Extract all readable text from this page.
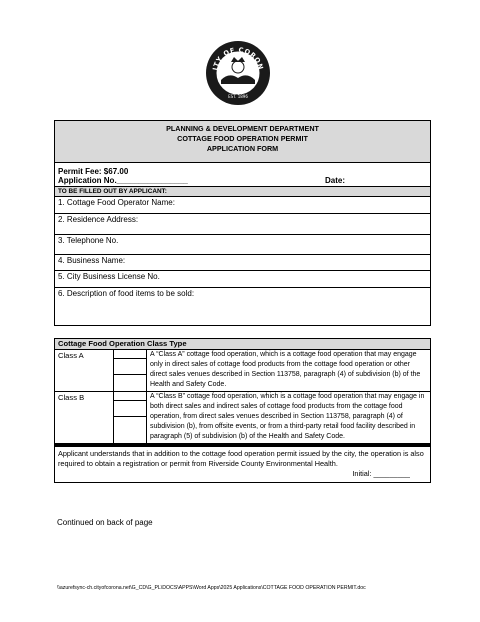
ITY OF CORON
EST. 1896
PLANNING & DEVELOPMENT DEPARTMENT
COTTAGE FOOD OPERATION PERMIT
APPLICATION FORM
Permit Fee: $67.00
Application No.________________	Date:
TO BE FILLED OUT BY APPLICANT:
1. Cottage Food Operator Name:
2. Residence Address:
3. Telephone No.
4. Business Name:
5. City Business License No.
6. Description of food items to be sold:
Cottage Food Operation Class Type
Class A	A “Class A” cottage food operation, which is a cottage food operation that may engage only in direct sales of cottage food products from the cottage food operation or other direct sales venues described in Section 113758, paragraph (4) of subdivision (b) of the Health and Safety Code.
Class B	A “Class B” cottage food operation, which is a cottage food operation that may engage in both direct sales and indirect sales of cottage food products from the cottage food operation, from direct sales venues described in Section 113758, paragraph (4) of subdivision (b), from offsite events, or from a third-party retail food facility described in paragraph (5) of subdivision (b) of the Health and Safety Code.
Applicant understands that in addition to the cottage food operation permit issued by the city, the operation is also required to obtain a registration or permit from Riverside County Environmental Health.
Initial: _________
Continued on back of page
\\azurefsync-ch.cityofcorona.net\G_CD\G_PL\DOCS\APPS\Word Apps\2025 Applications\COTTAGE FOOD OPERATION PERMIT.doc
